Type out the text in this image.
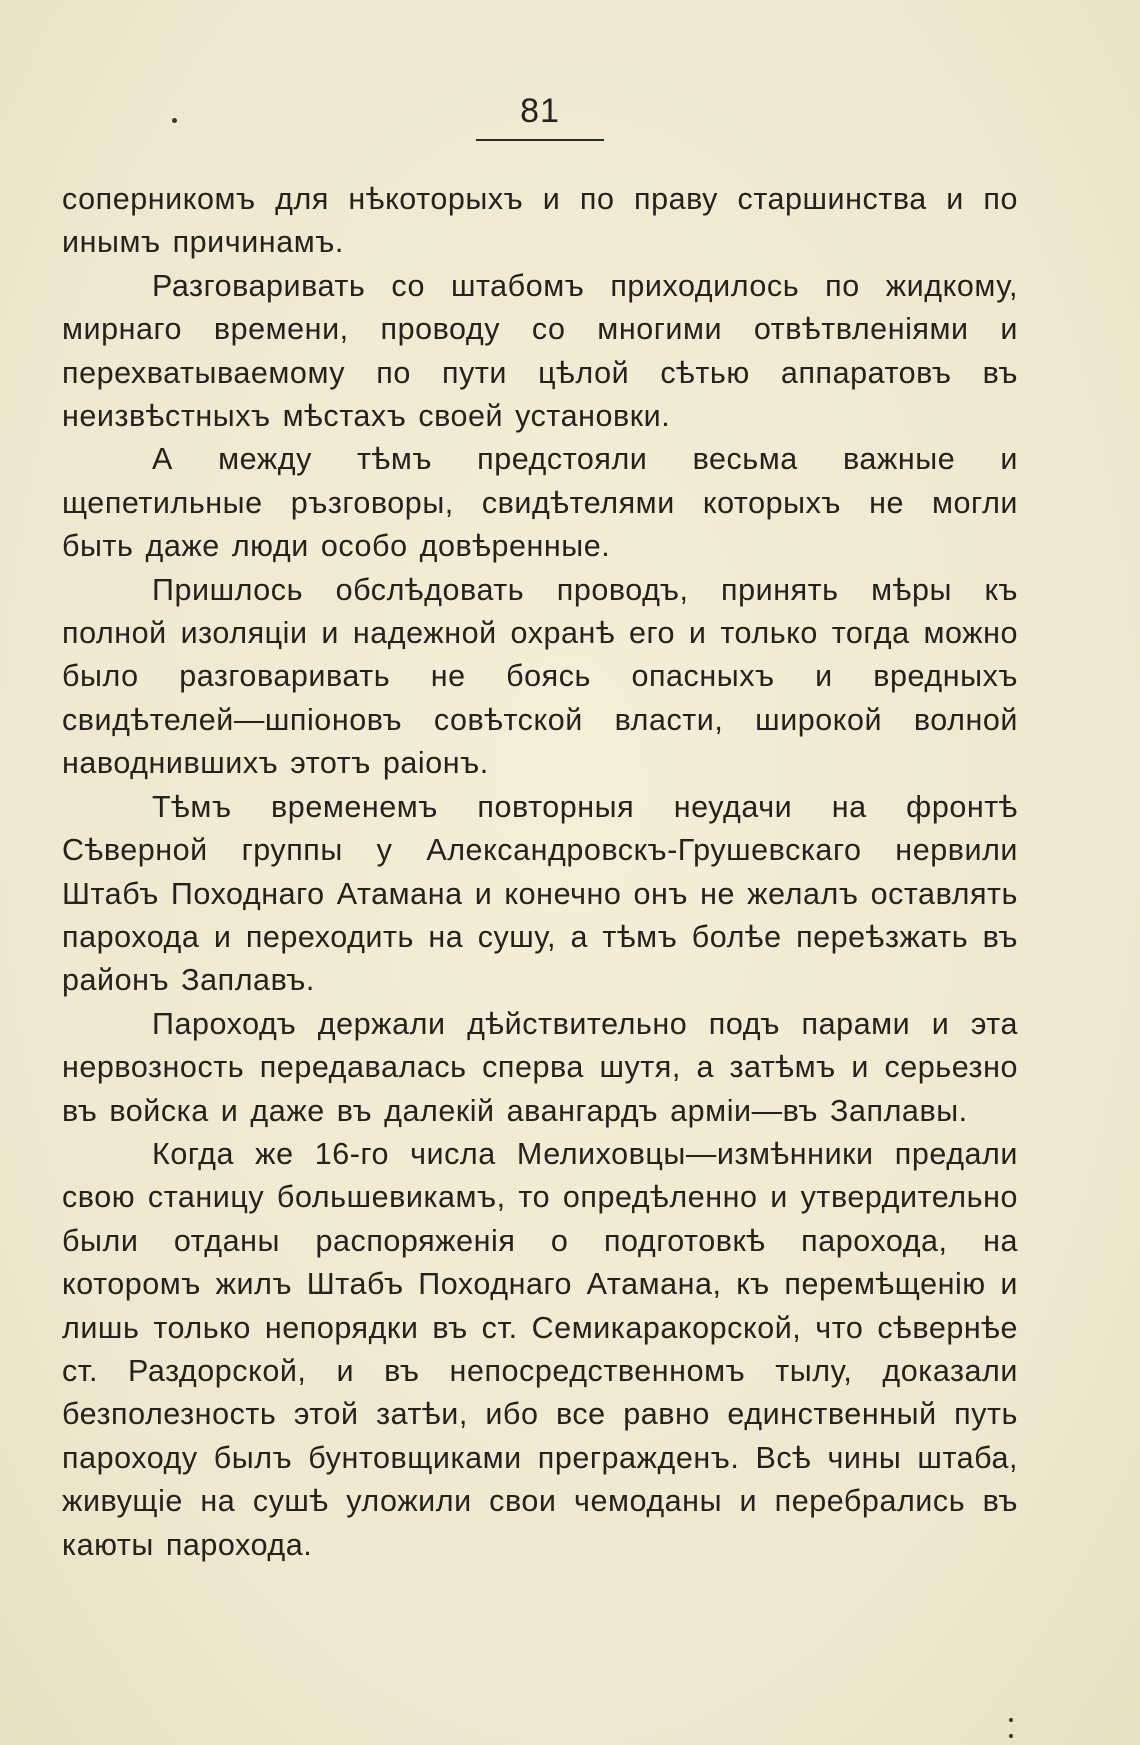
81

соперникомъ для нѣкоторыхъ и по праву старшинства и по инымъ причинамъ.

Разговаривать со штабомъ приходилось по жидкому, мирнаго времени, проводу со многими отвѣтвленiями и перехватываемому по пути цѣлой сѣтью аппаратовъ въ неизвѣстныхъ мѣстахъ своей установки.

А между тѣмъ предстояли весьма важные и щепетильные ръзговоры, свидѣтелями которыхъ не могли быть даже люди особо довѣренные.

Пришлось обслѣдовать проводъ, принять мѣры къ полной изоляцiи и надежной охранѣ его и только тогда можно было разговаривать не боясь опасныхъ и вредныхъ свидѣтелей—шпiоновъ совѣтской власти, широкой волной наводнившихъ этотъ раiонъ.

Тѣмъ временемъ повторныя неудачи на фронтѣ Сѣверной группы у Александровскъ-Грушевскаго нервили Штабъ Походнаго Атамана и конечно онъ не желалъ оставлять парохода и переходить на сушу, а тѣмъ болѣе переѣзжать въ районъ Заплавъ.

Пароходъ держали дѣйствительно подъ парами и эта нервозность передавалась сперва шутя, а затѣмъ и серьезно въ войска и даже въ далекiй авангардъ армiи—въ Заплавы.

Когда же 16-го числа Мелиховцы—измѣнники предали свою станицу большевикамъ, то опредѣленно и утвердительно были отданы распоряженiя о подготовкѣ парохода, на которомъ жилъ Штабъ Походнаго Атамана, къ перемѣщенiю и лишь только непорядки въ ст. Семикаракорской, что сѣвернѣе ст. Раздорской, и въ непосредственномъ тылу, доказали безполезность этой затѣи, ибо все равно единственный путь пароходу былъ бунтовщиками прегражденъ. Всѣ чины штаба, живущiе на сушѣ уложили свои чемоданы и перебрались въ каюты парохода.
